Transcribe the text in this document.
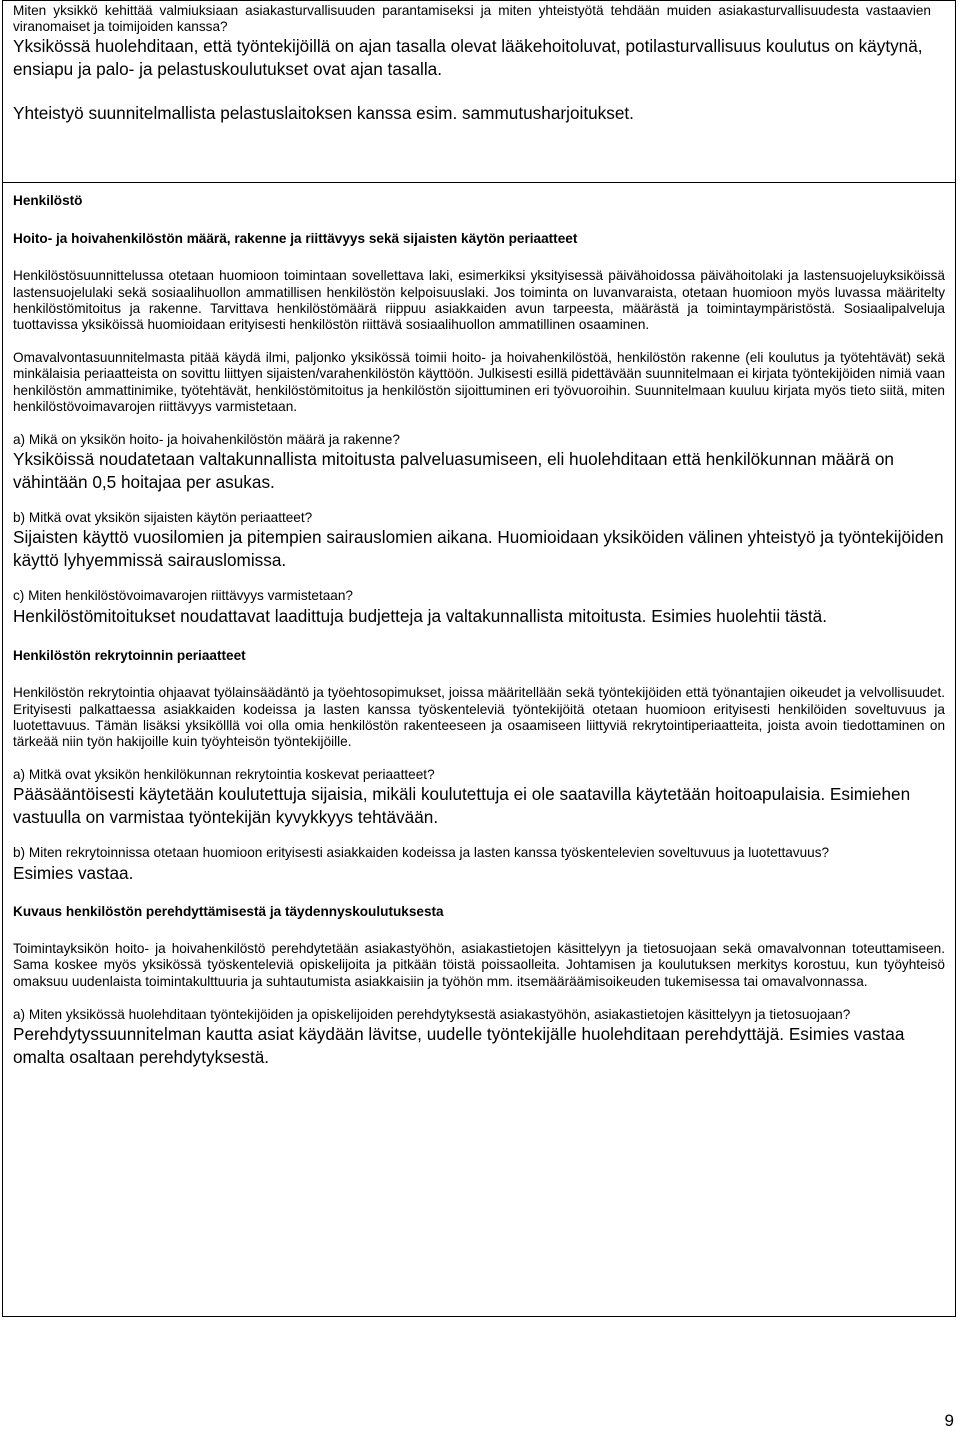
Miten yksikkö kehittää valmiuksiaan asiakasturvallisuuden parantamiseksi ja miten yhteistyötä tehdään muiden asiakasturvallisuudesta vastaavien viranomaiset ja toimijoiden kanssa?

Yksikössä huolehditaan, että työntekijöillä on ajan tasalla olevat lääkehoitoluvat, potilasturvallisuus koulutus on käytynä, ensiapu ja palo- ja pelastuskoulutukset ovat ajan tasalla.

Yhteistyö suunnitelmallista pelastuslaitoksen kanssa esim. sammutusharjoitukset.

Henkilöstö

Hoito- ja hoivahenkilöstön määrä, rakenne ja riittävyys sekä sijaisten käytön periaatteet

Henkilöstösuunnittelussa otetaan huomioon toimintaan sovellettava laki, esimerkiksi yksityisessä päivähoidossa päivähoitolaki ja lastensuojeluyksiköissä lastensuojelulaki sekä sosiaalihuollon ammatillisen henkilöstön kelpoisuuslaki. Jos toiminta on luvanvaraista, otetaan huomioon myös luvassa määritelty henkilöstömitoitus ja rakenne. Tarvittava henkilöstömäärä riippuu asiakkaiden avun tarpeesta, määrästä ja toimintaympäristöstä. Sosiaalipalveluja tuottavissa yksiköissä huomioidaan erityisesti henkilöstön riittävä sosiaalihuollon ammatillinen osaaminen.

Omavalvontasuunnitelmasta pitää käydä ilmi, paljonko yksikössä toimii hoito- ja hoivahenkilöstöä, henkilöstön rakenne (eli koulutus ja työtehtävät) sekä minkälaisia periaatteista on sovittu liittyen sijaisten/varahenkilöstön käyttöön. Julkisesti esillä pidettävään suunnitelmaan ei kirjata työntekijöiden nimiä vaan henkilöstön ammattinimike, työtehtävät, henkilöstömitoitus ja henkilöstön sijoittuminen eri työvuoroihin. Suunnitelmaan kuuluu kirjata myös tieto siitä, miten henkilöstövoimavarojen riittävyys varmistetaan.

a) Mikä on yksikön hoito- ja hoivahenkilöstön määrä ja rakenne?

Yksiköissä noudatetaan valtakunnallista mitoitusta palveluasumiseen, eli huolehditaan että henkilökunnan määrä on vähintään 0,5 hoitajaa per asukas.

b) Mitkä ovat yksikön sijaisten käytön periaatteet?

Sijaisten käyttö vuosilomien ja pitempien sairauslomien aikana. Huomioidaan yksiköiden välinen yhteistyö ja työntekijöiden käyttö lyhyemmissä sairauslomissa.

c) Miten henkilöstövoimavarojen riittävyys varmistetaan?

Henkilöstömitoitukset noudattavat laadittuja budjetteja ja valtakunnallista mitoitusta. Esimies huolehtii tästä.

Henkilöstön rekrytoinnin periaatteet

Henkilöstön rekrytointia ohjaavat työlainsäädäntö ja työehtosopimukset, joissa määritellään sekä työntekijöiden että työnantajien oikeudet ja velvollisuudet. Erityisesti palkattaessa asiakkaiden kodeissa ja lasten kanssa työskenteleviä työntekijöitä otetaan huomioon erityisesti henkilöiden soveltuvuus ja luotettavuus. Tämän lisäksi yksikölllä voi olla omia henkilöstön rakenteeseen ja osaamiseen liittyviä rekrytointiperiaatteita, joista avoin tiedottaminen on tärkeää niin työn hakijoille kuin työyhteisön työntekijöille.

a) Mitkä ovat yksikön henkilökunnan rekrytointia koskevat periaatteet?

Pääsääntöisesti käytetään koulutettuja sijaisia, mikäli koulutettuja ei ole saatavilla käytetään hoitoapulaisia. Esimiehen vastuulla on varmistaa työntekijän kyvykkyys tehtävään.

b) Miten rekrytoinnissa otetaan huomioon erityisesti asiakkaiden kodeissa ja lasten kanssa työskentelevien soveltuvuus ja luotettavuus?

Esimies vastaa.

Kuvaus henkilöstön perehdyttämisestä ja täydennyskoulutuksesta

Toimintayksikön hoito- ja hoivahenkilöstö perehdytetään asiakastyöhön, asiakastietojen käsittelyyn ja tietosuojaan sekä omavalvonnan toteuttamiseen. Sama koskee myös yksikössä työskenteleviä opiskelijoita ja pitkään töistä poissaolleita. Johtamisen ja koulutuksen merkitys korostuu, kun työyhteisö omaksuu uudenlaista toimintakulttuuria ja suhtautumista asiakkaisiin ja työhön mm. itsemääräämisoikeuden tukemisessa tai omavalvonnassa.

a) Miten yksikössä huolehditaan työntekijöiden ja opiskelijoiden perehdytyksestä asiakastyöhön, asiakastietojen käsittelyyn ja tietosuojaan?

Perehdytyssuunnitelman kautta asiat käydään lävitse, uudelle työntekijälle huolehditaan perehdyttäjä. Esimies vastaa omalta osaltaan perehdytyksestä.

9
